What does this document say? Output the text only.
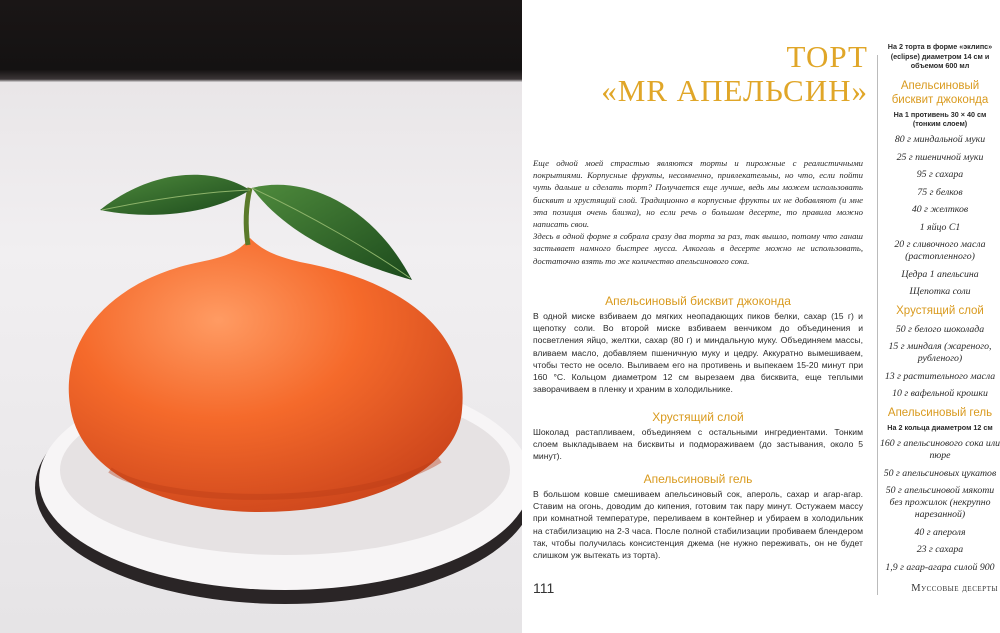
ТОРТ
«MR АПЕЛЬСИН»

Еще одной моей страстью являются торты и пирожные с реалистичными покрытиями. Корпусные фрукты, несомненно, привлекательны, но что, если пойти чуть дальше и сделать торт? Получается еще лучше, ведь мы можем использовать бисквит и хрустящий слой. Традиционно в корпусные фрукты их не добавляют (и мне эта позиция очень близка), но если речь о большом десерте, то правила можно написать свои.

Здесь в одной форме я собрала сразу два торта за раз, так вышло, потому что ганаш застывает намного быстрее мусса. Алкоголь в десерте можно не использовать, достаточно взять то же количество апельсинового сока.

Апельсиновый бисквит джоконда
В одной миске взбиваем до мягких неопадающих пиков белки, сахар (15 г) и щепотку соли. Во второй миске взбиваем венчиком до объединения и посветления яйцо, желтки, сахар (80 г) и миндальную муку. Объединяем массы, вливаем масло, добавляем пшеничную муку и цедру. Аккуратно вымешиваем, чтобы тесто не осело. Выливаем его на противень и выпекаем 15-20 минут при 160 °С. Кольцом диаметром 12 см вырезаем два бисквита, еще теплыми заворачиваем в пленку и храним в холодильнике.
Хрустящий слой
Шоколад растапливаем, объединяем с остальными ингредиентами. Тонким слоем выкладываем на бисквиты и подмораживаем (до застывания, около 5 минут).
Апельсиновый гель
В большом ковше смешиваем апельсиновый сок, апероль, сахар и агар-агар. Ставим на огонь, доводим до кипения, готовим так пару минут. Остужаем массу при комнатной температуре, переливаем в контейнер и убираем в холодильник на стабилизацию на 2-3 часа. После полной стабилизации пробиваем блендером так, чтобы получилась консистенция джема (не нужно переживать, он не будет слишком уж вытекать из торта).
111
На 2 торта в форме «эклипс» (eclipse) диаметром 14 см и объемом 600 мл
Апельсиновый бисквит джоконда
На 1 противень 30 × 40 см (тонким слоем)
80 г миндальной муки
25 г пшеничной муки
95 г сахара
75 г белков
40 г желтков
1 яйцо С1
20 г сливочного масла (растопленного)
Цедра 1 апельсина
Щепотка соли
Хрустящий слой
50 г белого шоколада
15 г миндаля (жареного, рубленого)
13 г растительного масла
10 г вафельной крошки
Апельсиновый гель
На 2 кольца диаметром 12 см
160 г апельсинового сока или пюре
50 г апельсиновых цукатов
50 г апельсиновой мякоти без прожилок (некрупно нарезанной)
40 г апероля
23 г сахара
1,9 г агар-агара силой 900
Муссовые десерты
